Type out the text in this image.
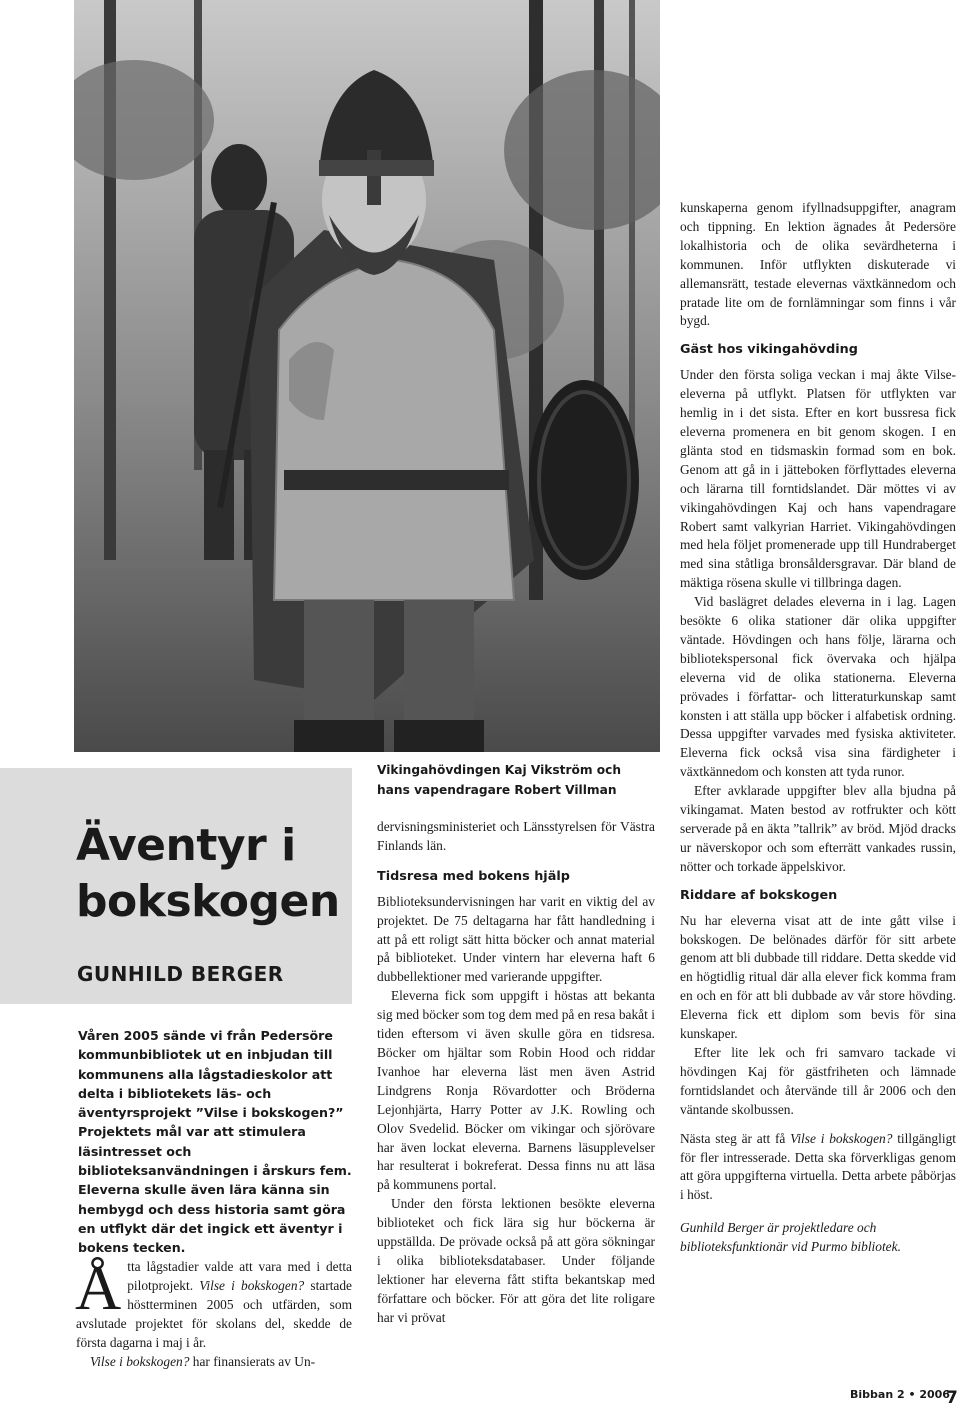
Äventyr i bokskogen
GUNHILD BERGER

Våren 2005 sände vi från Pedersöre kommunbibliotek ut en inbjudan till kommunens alla lågstadieskolor att delta i bibliotekets läs- och äventyrsprojekt ”Vilse i bokskogen?” Projektets mål var att stimulera läsintresset och biblioteksanvändningen i årskurs fem. Eleverna skulle även lära känna sin hembygd och dess historia samt göra en utflykt där det ingick ett äventyr i bokens tecken.

Vikingahövdingen Kaj Vikström och hans vapendragare Robert Villman

Åtta lågstadier valde att vara med i detta pilotprojekt. Vilse i bokskogen? startade höstterminen 2005 och utfärden, som avslutade projektet för skolans del, skedde de första dagarna i maj i år.

Vilse i bokskogen? har finansierats av Un-

dervisningsministeriet och Länsstyrelsen för Västra Finlands län.

Tidsresa med bokens hjälp

Biblioteksundervisningen har varit en viktig del av projektet. De 75 deltagarna har fått handledning i att på ett roligt sätt hitta böcker och annat material på biblioteket. Under vintern har eleverna haft 6 dubbellektioner med varierande uppgifter.

Eleverna fick som uppgift i höstas att bekanta sig med böcker som tog dem med på en resa bakåt i tiden eftersom vi även skulle göra en tidsresa. Böcker om hjältar som Robin Hood och riddar Ivanhoe har eleverna läst men även Astrid Lindgrens Ronja Rövardotter och Bröderna Lejonhjärta, Harry Potter av J.K. Rowling och Olov Svedelid. Böcker om vikingar och sjörövare har även lockat eleverna. Barnens läsupplevelser har resulterat i bokreferat. Dessa finns nu att läsa på kommunens portal.

Under den första lektionen besökte eleverna biblioteket och fick lära sig hur böckerna är uppställda. De prövade också på att göra sökningar i olika biblioteksdatabaser. Under följande lektioner har eleverna fått stifta bekantskap med författare och böcker. För att göra det lite roligare har vi prövat

kunskaperna genom ifyllnadsuppgifter, anagram och tippning. En lektion ägnades åt Pedersöre lokalhistoria och de olika sevärdheterna i kommunen. Inför utflykten diskuterade vi allemansrätt, testade elevernas växtkännedom och pratade lite om de fornlämningar som finns i vår bygd.

Gäst hos vikingahövding

Under den första soliga veckan i maj åkte Vilse-eleverna på utflykt. Platsen för utflykten var hemlig in i det sista. Efter en kort bussresa fick eleverna promenera en bit genom skogen. I en glänta stod en tidsmaskin formad som en bok. Genom att gå in i jätteboken förflyttades eleverna och lärarna till forntidslandet. Där möttes vi av vikingahövdingen Kaj och hans vapendragare Robert samt valkyrian Harriet. Vikingahövdingen med hela följet promenerade upp till Hundraberget med sina ståtliga bronsåldersgravar. Där bland de mäktiga rösena skulle vi tillbringa dagen.

Vid baslägret delades eleverna in i lag. Lagen besökte 6 olika stationer där olika uppgifter väntade. Hövdingen och hans följe, lärarna och bibliotekspersonal fick övervaka och hjälpa eleverna vid de olika stationerna. Eleverna prövades i författar- och litteraturkunskap samt konsten i att ställa upp böcker i alfabetisk ordning. Dessa uppgifter varvades med fysiska aktiviteter. Eleverna fick också visa sina färdigheter i växtkännedom och konsten att tyda runor.

Efter avklarade uppgifter blev alla bjudna på vikingamat. Maten bestod av rotfrukter och kött serverade på en äkta ”tallrik” av bröd. Mjöd dracks ur näverskopor och som efterrätt vankades russin, nötter och torkade äppelskivor.

Riddare af bokskogen

Nu har eleverna visat att de inte gått vilse i bokskogen. De belönades därför för sitt arbete genom att bli dubbade till riddare. Detta skedde vid en högtidlig ritual där alla elever fick komma fram en och en för att bli dubbade av vår store hövding. Eleverna fick ett diplom som bevis för sina kunskaper.

Efter lite lek och fri samvaro tackade vi hövdingen Kaj för gästfriheten och lämnade forntidslandet och återvände till år 2006 och den väntande skolbussen.

Nästa steg är att få Vilse i bokskogen? tillgängligt för fler intresserade. Detta ska förverkligas genom att göra uppgifterna virtuella. Detta arbete påbörjas i höst.

Gunhild Berger är projektledare och biblioteksfunktionär vid Purmo bibliotek.

Bibban 2 • 2006
7
